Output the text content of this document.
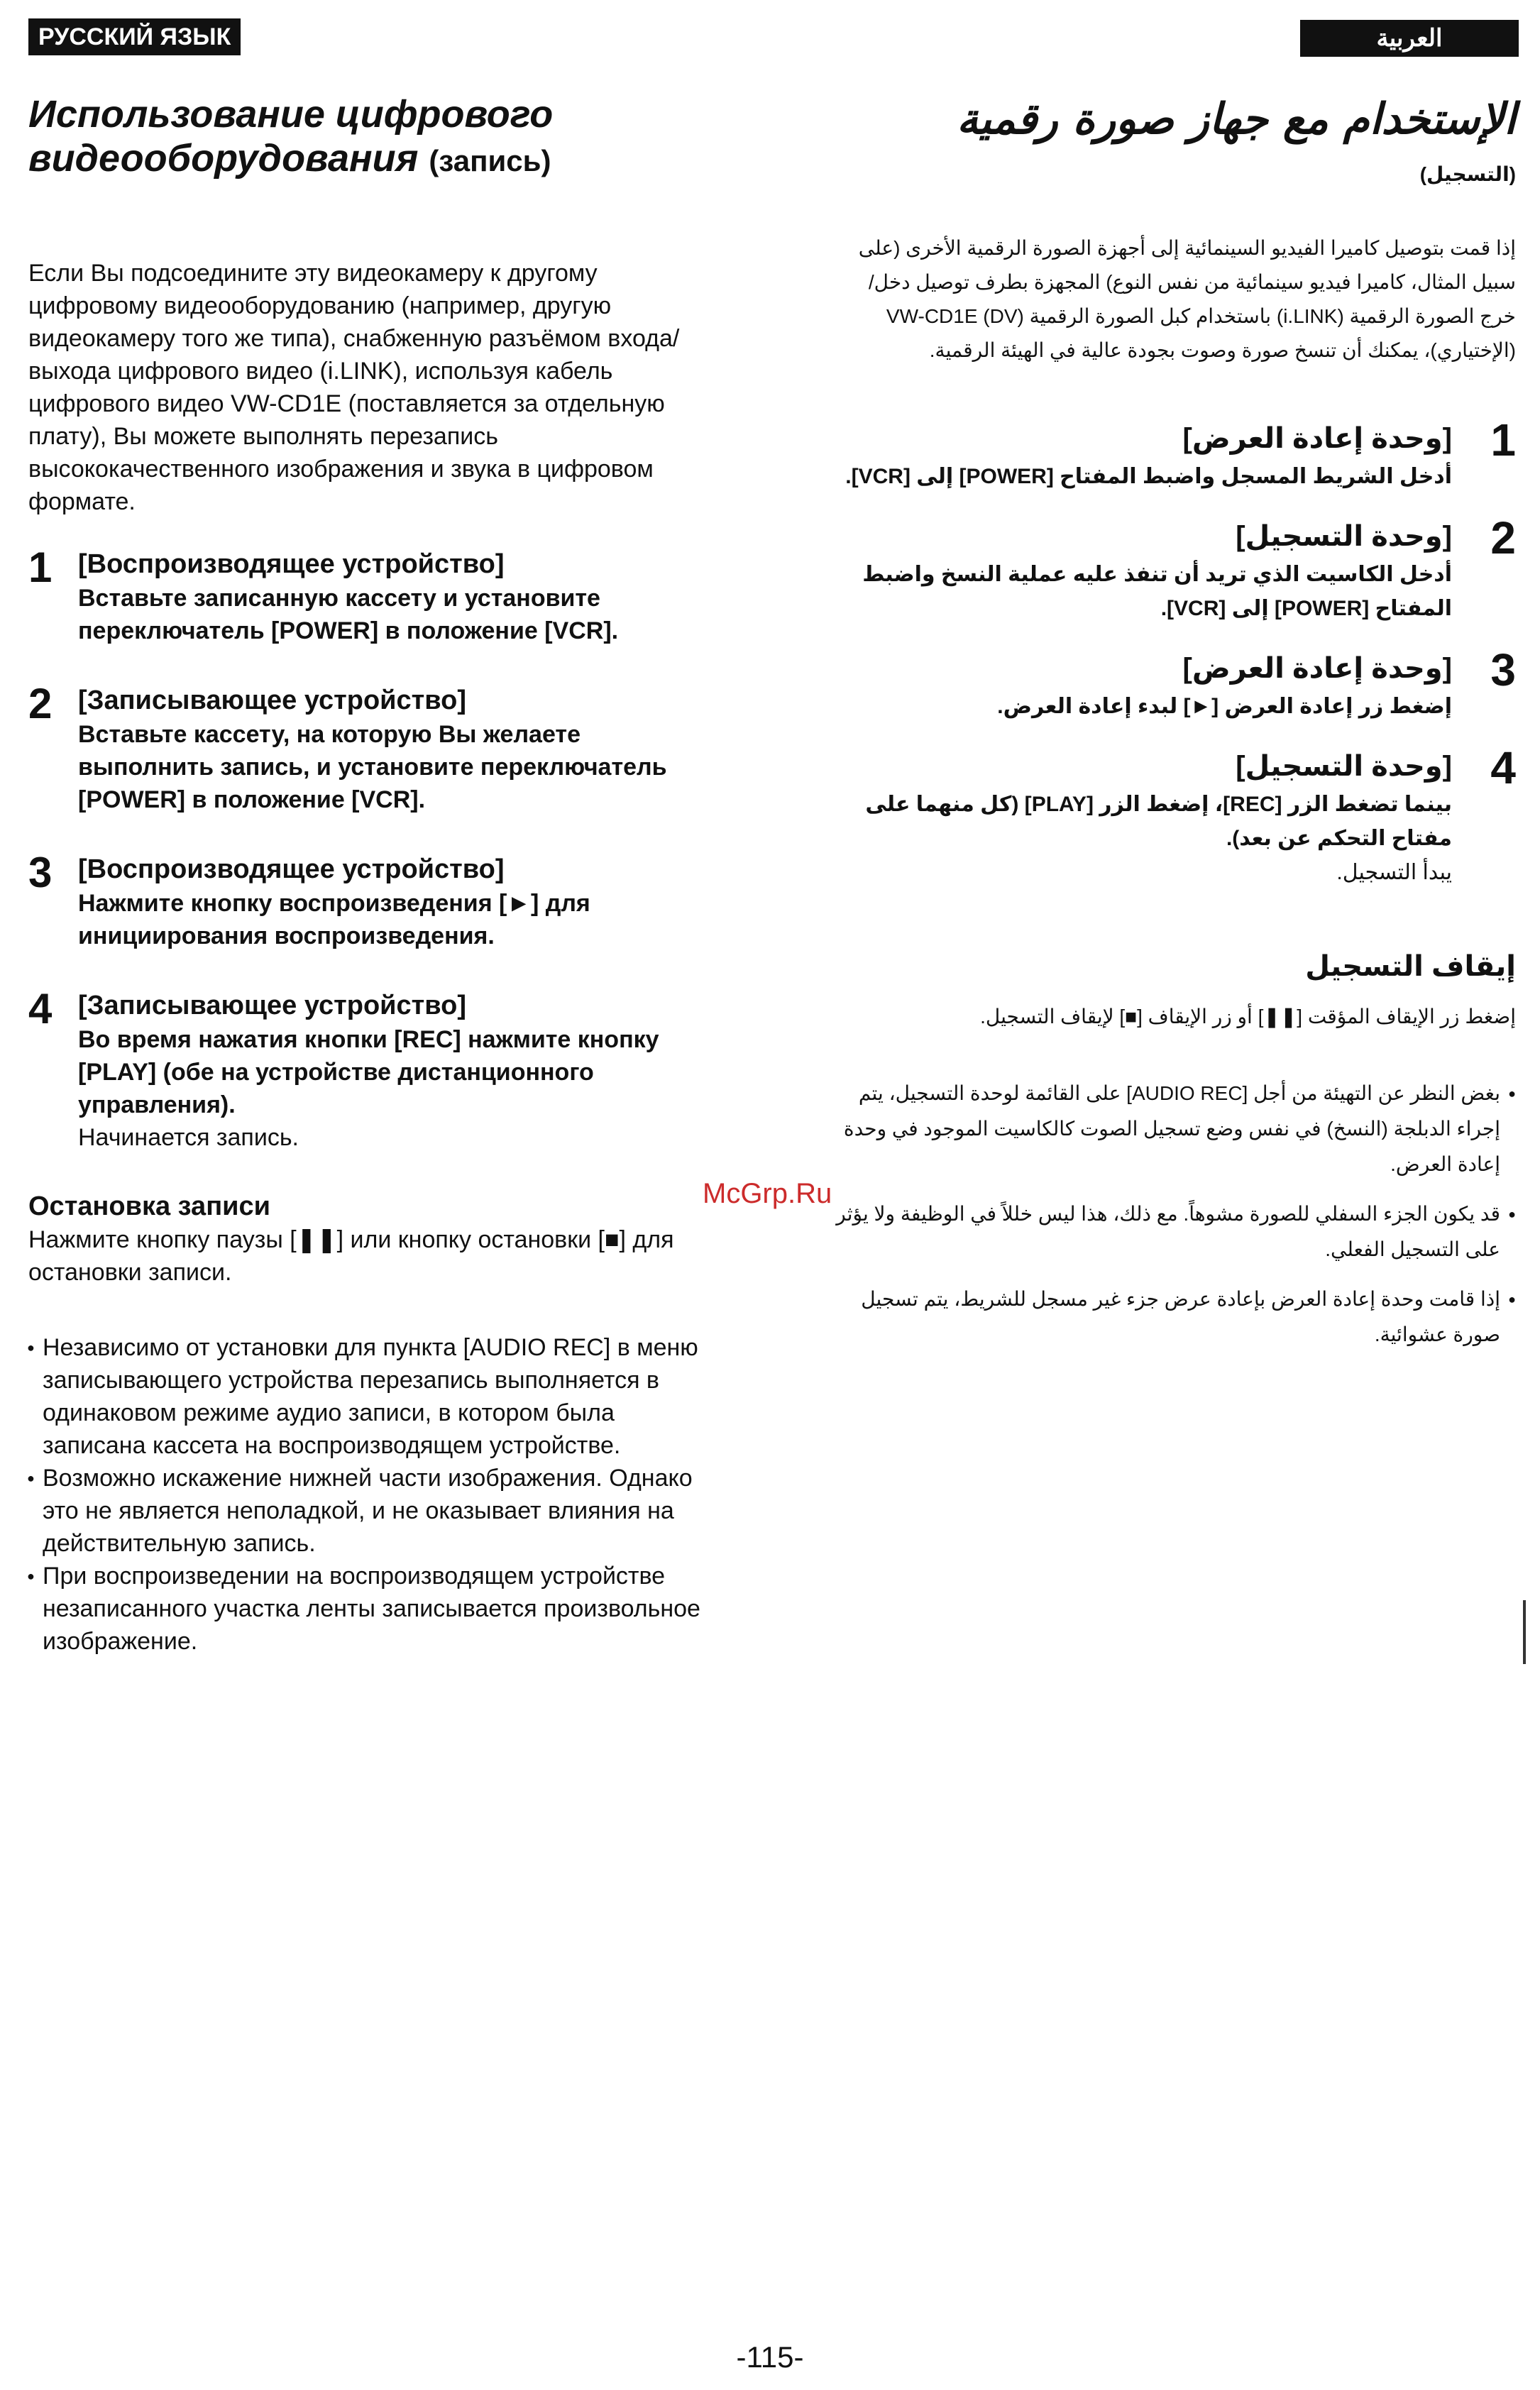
РУССКИЙ ЯЗЫК	العربية
Использование цифрового
видеооборудования (запись)

Если Вы подсоедините эту видеокамеру к другому цифровому видеооборудованию (например, другую видеокамеру того же типа), снабженную разъёмом входа/выхода цифрового видео (i.LINK), используя кабель цифрового видео VW-CD1E (поставляется за отдельную плату), Вы можете выполнять перезапись высококачественного изображения и звука в цифровом формате.

1 [Воспроизводящее устройство]
Вставьте записанную кассету и установите переключатель [POWER] в положение [VCR].
2 [Записывающее устройство]
Вставьте кассету, на которую Вы желаете выполнить запись, и установите переключатель [POWER] в положение [VCR].
3 [Воспроизводящее устройство]
Нажмите кнопку воспроизведения [►] для инициирования воспроизведения.
4 [Записывающее устройство]
Во время нажатия кнопки [REC] нажмите кнопку [PLAY] (обе на устройстве дистанционного управления).
Начинается запись.
Остановка записи
Нажмите кнопку паузы [❚❚] или кнопку остановки [■] для остановки записи.
● Независимо от установки для пункта [AUDIO REC] в меню записывающего устройства перезапись выполняется в одинаковом режиме аудио записи, в котором была записана кассета на воспроизводящем устройстве.
● Возможно искажение нижней части изображения. Однако это не является неполадкой, и не оказывает влияния на действительную запись.
● При воспроизведении на воспроизводящем устройстве незаписанного участка ленты записывается произвольное изображение.
الإستخدام مع جهاز صورة رقمية
(التسجيل)
إذا قمت بتوصيل كاميرا الفيديو السينمائية إلى أجهزة الصورة الرقمية الأخرى (على سبيل المثال، كاميرا فيديو سينمائية من نفس النوع) المجهزة بطرف توصيل دخل/خرج الصورة الرقمية (i.LINK) باستخدام كبل الصورة الرقمية VW-CD1E (DV) (الإختياري)، يمكنك أن تنسخ صورة وصوت بجودة عالية في الهيئة الرقمية.
1
[وحدة إعادة العرض]
أدخل الشريط المسجل واضبط المفتاح [POWER] إلى [VCR].
2
[وحدة التسجيل]
أدخل الكاسيت الذي تريد أن تنفذ عليه عملية النسخ واضبط المفتاح [POWER] إلى [VCR].
3
[وحدة إعادة العرض]
إضغط زر إعادة العرض [►] لبدء إعادة العرض.
4
[وحدة التسجيل]
بينما تضغط الزر [REC]، إضغط الزر [PLAY] (كل منهما على مفتاح التحكم عن بعد).
يبدأ التسجيل.
إيقاف التسجيل
إضغط زر الإيقاف المؤقت [❚❚] أو زر الإيقاف [■] لإيقاف التسجيل.
● بغض النظر عن التهيئة من أجل [AUDIO REC] على القائمة لوحدة التسجيل، يتم إجراء الدبلجة (النسخ) في نفس وضع تسجيل الصوت كالكاسيت الموجود في وحدة إعادة العرض.
● قد يكون الجزء السفلي للصورة مشوهاً. مع ذلك، هذا ليس خللاً في الوظيفة ولا يؤثر على التسجيل الفعلي.
● إذا قامت وحدة إعادة العرض بإعادة عرض جزء غير مسجل للشريط، يتم تسجيل صورة عشوائية.
McGrp.Ru
-115-
